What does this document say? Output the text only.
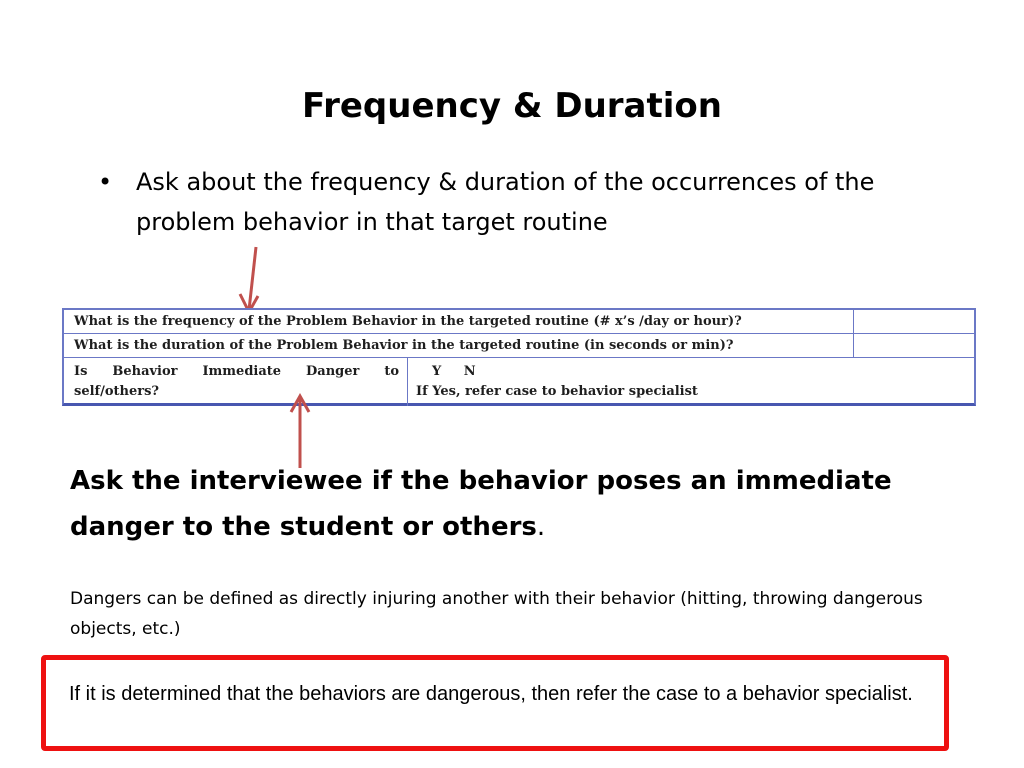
Frequency & Duration
• Ask about the frequency & duration of the occurrences of the problem behavior in that target routine
What is the frequency of the Problem Behavior in the targeted routine (# x’s /day or hour)?
What is the duration of the Problem Behavior in the targeted routine (in seconds or min)?
Is Behavior Immediate Danger to
self/others?
Y N
If Yes, refer case to behavior specialist
Ask the interviewee if the behavior poses an immediate danger to the student or others.
Dangers can be defined as directly injuring another with their behavior (hitting, throwing dangerous objects, etc.)
If it is determined that the behaviors are dangerous, then refer the case to a behavior specialist.
